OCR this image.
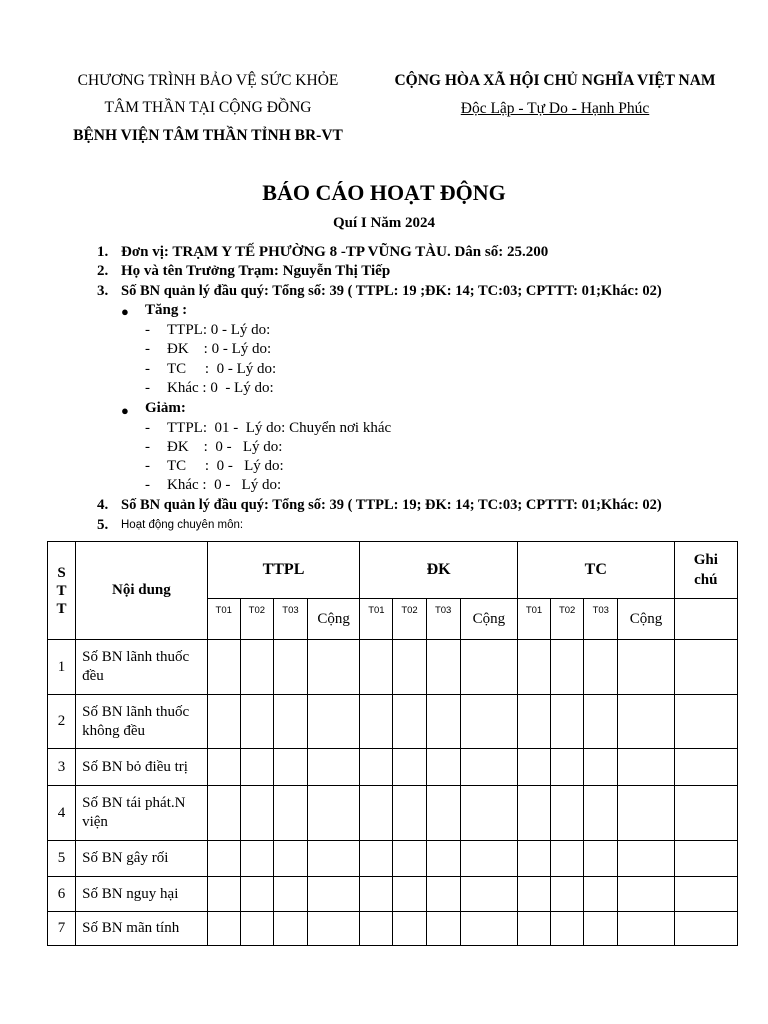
CHƯƠNG TRÌNH BẢO VỆ SỨC KHỎE
TÂM THẦN TẠI CỘNG ĐỒNG
BỆNH VIỆN TÂM THẦN TỈNH BR-VT
CỘNG HÒA XÃ HỘI CHỦ NGHĨA VIỆT NAM
Độc Lập - Tự Do - Hạnh Phúc
BÁO CÁO HOẠT ĐỘNG
Quí I Năm 2024
1. Đơn vị: TRẠM Y TẾ PHƯỜNG 8 -TP VŨNG TÀU. Dân số: 25.200
2. Họ và tên Trưởng Trạm: Nguyễn Thị Tiếp
3. Số BN quản lý đầu quý: Tổng số: 39 ( TTPL: 19 ;ĐK: 14; TC:03; CPTTT: 01;Khác: 02)
● Tăng :
- TTPL: 0 - Lý do:
- ĐK    : 0 - Lý do:
- TC     :  0 - Lý do:
- Khác : 0  - Lý do:
● Giảm:
- TTPL:  01 -  Lý do: Chuyển nơi khác
- ĐK    :  0 -   Lý do:
- TC     :  0 -   Lý do:
- Khác :  0 -   Lý do:
4. Số BN quản lý đầu quý: Tổng số: 39 ( TTPL: 19; ĐK: 14; TC:03; CPTTT: 01;Khác: 02)
5. Hoạt động chuyên môn:
S T T	Nội dung	TTPL				ĐK				TC				Ghi chú
		T01	T02	T03	Cộng	T01	T02	T03	Cộng	T01	T02	T03	Cộng	
1	Số BN lãnh thuốc đều													
2	Số BN lãnh thuốc không đều													
3	Số BN bỏ điều trị													
4	Số BN tái phát.N viện													
5	Số BN gây rối													
6	Số BN nguy hại													
7	Số BN mãn tính													
